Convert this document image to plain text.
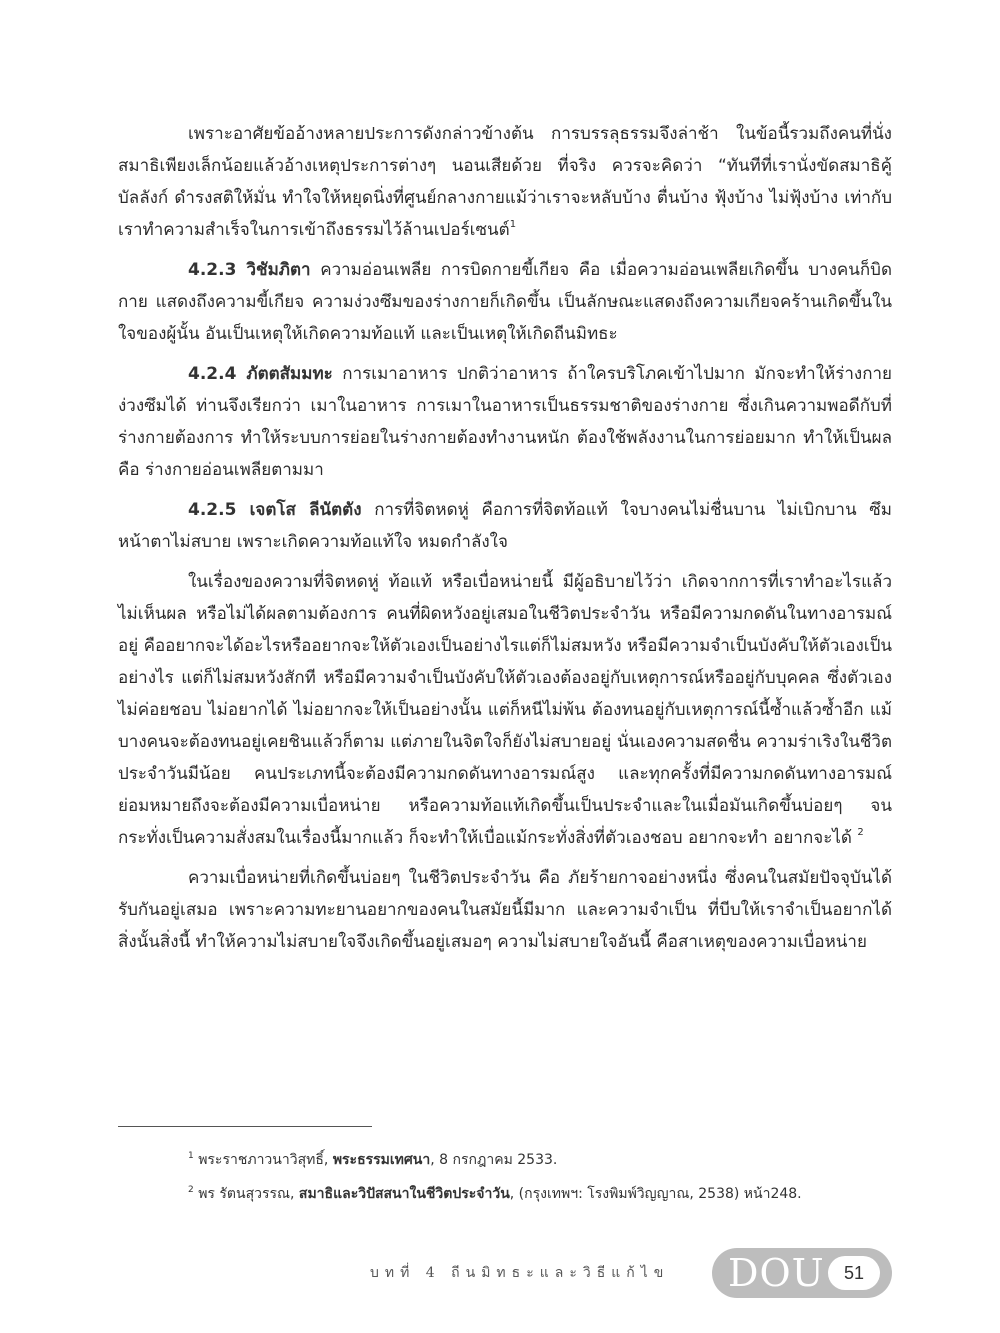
เพราะอาศัยข้ออ้างหลายประการดังกล่าวข้างต้น การบรรลุธรรมจึงล่าช้า ในข้อนี้รวมถึงคนที่นั่งสมาธิเพียงเล็กน้อยแล้วอ้างเหตุประการต่างๆ นอนเสียด้วย ที่จริง ควรจะคิดว่า “ทันทีที่เรานั่งขัดสมาธิคู้บัลลังก์ ดำรงสติให้มั่น ทำใจให้หยุดนิ่งที่ศูนย์กลางกายแม้ว่าเราจะหลับบ้าง ตื่นบ้าง ฟุ้งบ้าง ไม่ฟุ้งบ้าง เท่ากับเราทำความสำเร็จในการเข้าถึงธรรมไว้ล้านเปอร์เซนต์$^1$

4.2.3 วิชัมภิตา ความอ่อนเพลีย การบิดกายขี้เกียจ คือ เมื่อความอ่อนเพลียเกิดขึ้น บางคนก็บิดกาย แสดงถึงความขี้เกียจ ความง่วงซึมของร่างกายก็เกิดขึ้น เป็นลักษณะแสดงถึงความเกียจคร้านเกิดขึ้นในใจของผู้นั้น อันเป็นเหตุให้เกิดความท้อแท้ และเป็นเหตุให้เกิดถีนมิทธะ

4.2.4 ภัตตสัมมทะ การเมาอาหาร ปกติว่าอาหาร ถ้าใครบริโภคเข้าไปมาก มักจะทำให้ร่างกายง่วงซึมได้ ท่านจึงเรียกว่า เมาในอาหาร การเมาในอาหารเป็นธรรมชาติของร่างกาย ซึ่งเกินความพอดีกับที่ร่างกายต้องการ ทำให้ระบบการย่อยในร่างกายต้องทำงานหนัก ต้องใช้พลังงานในการย่อยมาก ทำให้เป็นผลคือ ร่างกายอ่อนเพลียตามมา

4.2.5 เจตโส ลีนัตตัง การที่จิตหดหู่ คือการที่จิตท้อแท้ ใจบางคนไม่ชื่นบาน ไม่เบิกบาน ซึมหน้าตาไม่สบาย เพราะเกิดความท้อแท้ใจ หมดกำลังใจ

ในเรื่องของความที่จิตหดหู่ ท้อแท้ หรือเบื่อหน่ายนี้ มีผู้อธิบายไว้ว่า เกิดจากการที่เราทำอะไรแล้วไม่เห็นผล หรือไม่ได้ผลตามต้องการ คนที่ผิดหวังอยู่เสมอในชีวิตประจำวัน หรือมีความกดดันในทางอารมณ์อยู่ คืออยากจะได้อะไรหรืออยากจะให้ตัวเองเป็นอย่างไรแต่ก็ไม่สมหวัง หรือมีความจำเป็นบังคับให้ตัวเองเป็นอย่างไร แต่ก็ไม่สมหวังสักที หรือมีความจำเป็นบังคับให้ตัวเองต้องอยู่กับเหตุการณ์หรืออยู่กับบุคคล ซึ่งตัวเองไม่ค่อยชอบ ไม่อยากได้ ไม่อยากจะให้เป็นอย่างนั้น แต่ก็หนีไม่พ้น ต้องทนอยู่กับเหตุการณ์นี้ซ้ำแล้วซ้ำอีก แม้บางคนจะต้องทนอยู่เคยชินแล้วก็ตาม แต่ภายในจิตใจก็ยังไม่สบายอยู่ นั่นเองความสดชื่น ความร่าเริงในชีวิตประจำวันมีน้อย คนประเภทนี้จะต้องมีความกดดันทางอารมณ์สูง และทุกครั้งที่มีความกดดันทางอารมณ์ ย่อมหมายถึงจะต้องมีความเบื่อหน่าย หรือความท้อแท้เกิดขึ้นเป็นประจำและในเมื่อมันเกิดขึ้นบ่อยๆ จนกระทั่งเป็นความสั่งสมในเรื่องนี้มากแล้ว ก็จะทำให้เบื่อแม้กระทั่งสิ่งที่ตัวเองชอบ อยากจะทำ อยากจะได้ $^2$

ความเบื่อหน่ายที่เกิดขึ้นบ่อยๆ ในชีวิตประจำวัน คือ ภัยร้ายกาจอย่างหนึ่ง ซึ่งคนในสมัยปัจจุบันได้รับกันอยู่เสมอ เพราะความทะยานอยากของคนในสมัยนี้มีมาก และความจำเป็น ที่บีบให้เราจำเป็นอยากได้สิ่งนั้นสิ่งนี้ ทำให้ความไม่สบายใจจึงเกิดขึ้นอยู่เสมอๆ ความไม่สบายใจอันนี้ คือสาเหตุของความเบื่อหน่าย

$^1$ พระราชภาวนาวิสุทธิ์, พระธรรมเทศนา, 8 กรกฎาคม 2533.
$^2$ พร รัตนสุวรรณ, สมาธิและวิปัสสนาในชีวิตประจำวัน, (กรุงเทพฯ: โรงพิมพ์วิญญาณ, 2538) หน้า248.
บทที่ 4 ถีนมิทธะและวิธีแก้ไข	DOU	51
